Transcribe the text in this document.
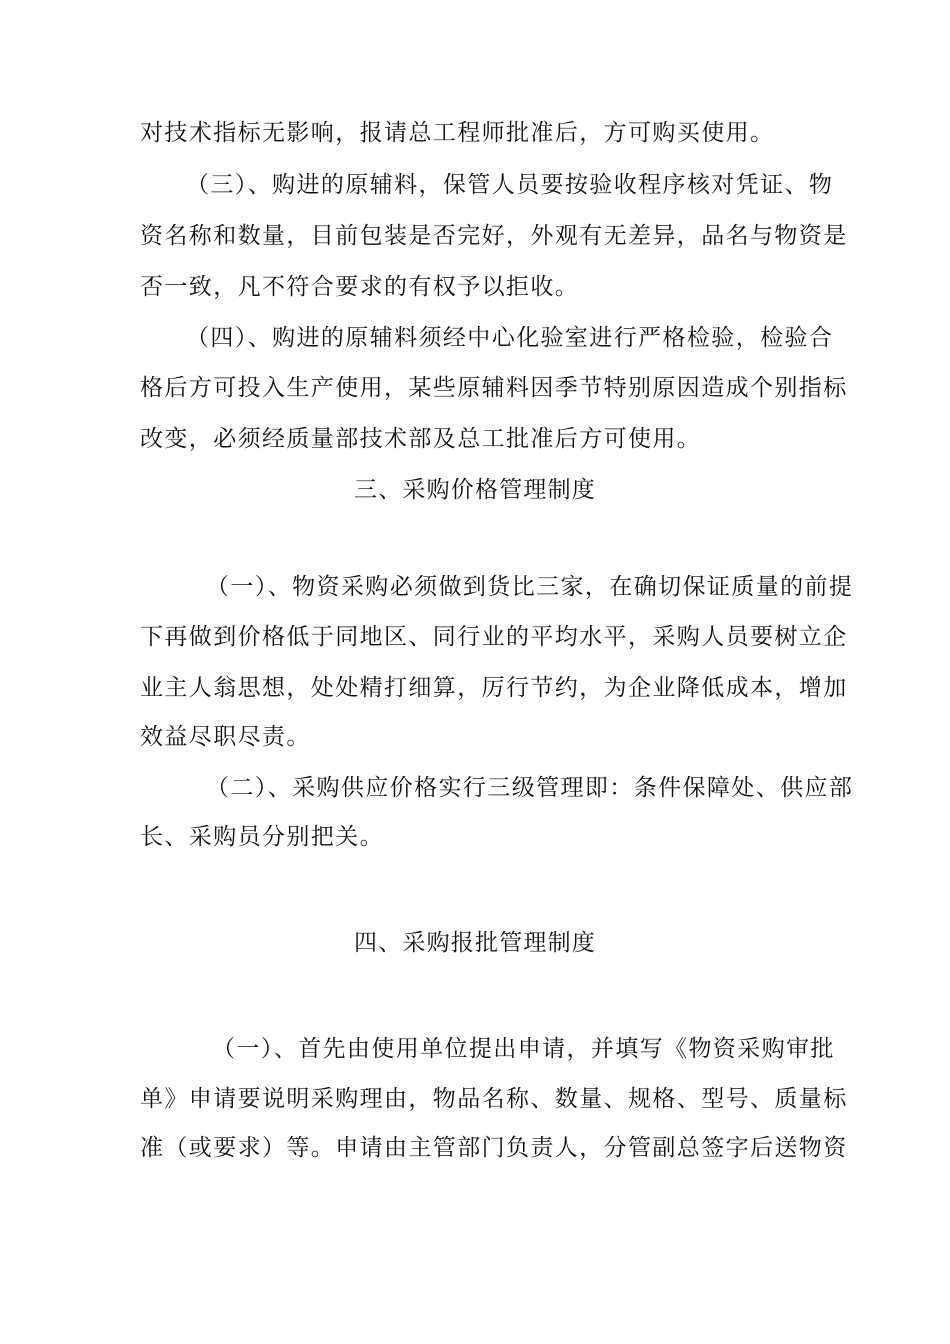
对技术指标无影响，报请总工程师批准后，方可购买使用。
（三）、购进的原辅料，保管人员要按验收程序核对凭证、物
资名称和数量，目前包装是否完好，外观有无差异，品名与物资是
否一致，凡不符合要求的有权予以拒收。
（四）、购进的原辅料须经中心化验室进行严格检验，检验合
格后方可投入生产使用，某些原辅料因季节特别原因造成个别指标
改变，必须经质量部技术部及总工批准后方可使用。
三、采购价格管理制度
（一）、物资采购必须做到货比三家，在确切保证质量的前提
下再做到价格低于同地区、同行业的平均水平，采购人员要树立企
业主人翁思想，处处精打细算，厉行节约，为企业降低成本，增加
效益尽职尽责。
（二）、采购供应价格实行三级管理即：条件保障处、供应部
长、采购员分别把关。
四、采购报批管理制度
（一）、首先由使用单位提出申请，并填写《物资采购审批
单》申请要说明采购理由，物品名称、数量、规格、型号、质量标
准（或要求）等。申请由主管部门负责人，分管副总签字后送物资
